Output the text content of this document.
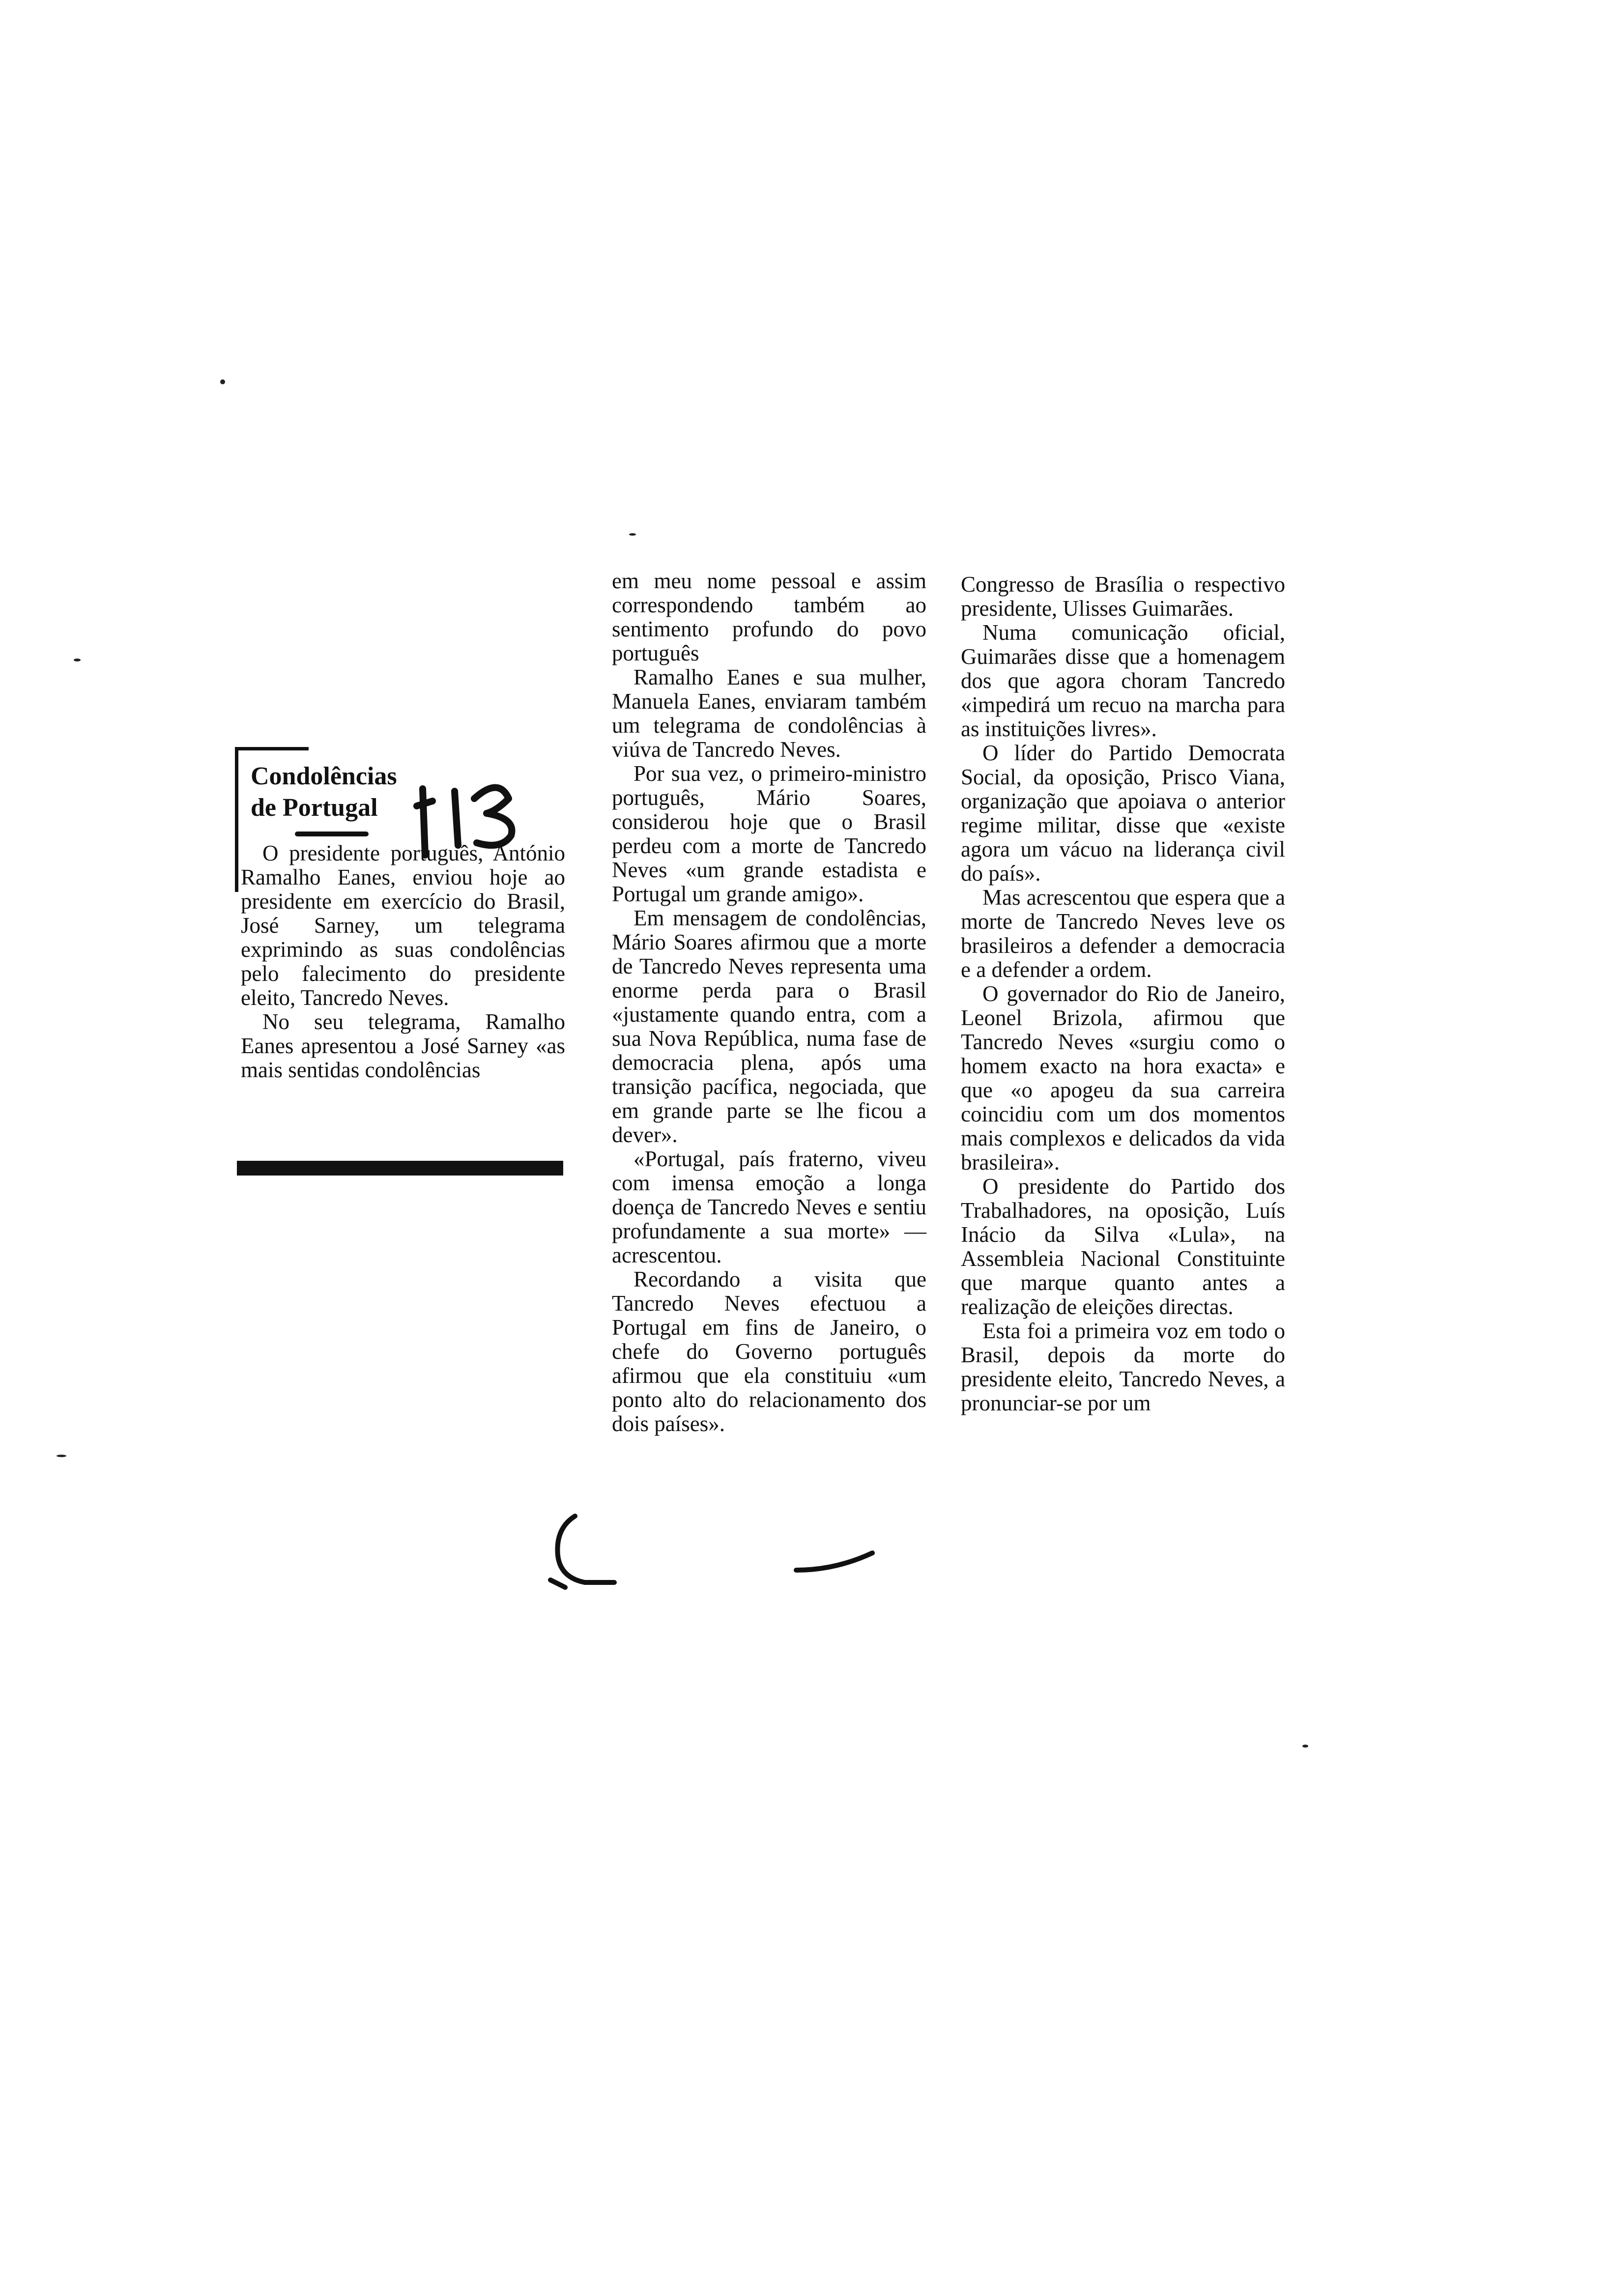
Condolências
de Portugal

O presidente português, António Ramalho Eanes, enviou hoje ao presidente em exercício do Brasil, José Sarney, um telegrama exprimindo as suas condolências pelo falecimento do presidente eleito, Tancredo Neves.

No seu telegrama, Ramalho Eanes apresentou a José Sarney «as mais sentidas condolências

em meu nome pessoal e assim correspondendo também ao sentimento profundo do povo português

Ramalho Eanes e sua mulher, Manuela Eanes, enviaram também um telegrama de condolências à viúva de Tancredo Neves.

Por sua vez, o primeiro-ministro português, Mário Soares, considerou hoje que o Brasil perdeu com a morte de Tancredo Neves «um grande estadista e Portugal um grande amigo».

Em mensagem de condolências, Mário Soares afirmou que a morte de Tancredo Neves representa uma enorme perda para o Brasil «justamente quando entra, com a sua Nova República, numa fase de democracia plena, após uma transição pacífica, negociada, que em grande parte se lhe ficou a dever».

«Portugal, país fraterno, viveu com imensa emoção a longa doença de Tancredo Neves e sentiu profundamente a sua morte» — acrescentou.

Recordando a visita que Tancredo Neves efectuou a Portugal em fins de Janeiro, o chefe do Governo português afirmou que ela constituiu «um ponto alto do relacionamento dos dois países».

Congresso de Brasília o respectivo presidente, Ulisses Guimarães.

Numa comunicação oficial, Guimarães disse que a homenagem dos que agora choram Tancredo «impedirá um recuo na marcha para as instituições livres».

O líder do Partido Democrata Social, da oposição, Prisco Viana, organização que apoiava o anterior regime militar, disse que «existe agora um vácuo na liderança civil do país».

Mas acrescentou que espera que a morte de Tancredo Neves leve os brasileiros a defender a democracia e a defender a ordem.

O governador do Rio de Janeiro, Leonel Brizola, afirmou que Tancredo Neves «surgiu como o homem exacto na hora exacta» e que «o apogeu da sua carreira coincidiu com um dos momentos mais complexos e delicados da vida brasileira».

O presidente do Partido dos Trabalhadores, na oposição, Luís Inácio da Silva «Lula», na Assembleia Nacional Constituinte que marque quanto antes a realização de eleições directas.

Esta foi a primeira voz em todo o Brasil, depois da morte do presidente eleito, Tancredo Neves, a pronunciar-se por um
